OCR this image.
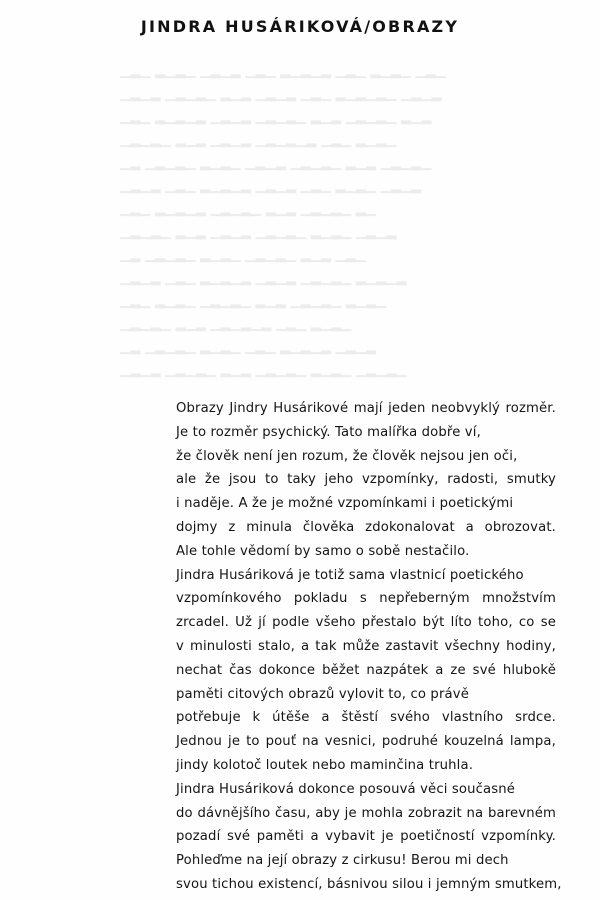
▁▂▁ ▂▁▂▁ ▁▂▁▂ ▁▂▁ ▂▁▂▁▂ ▁▂▁ ▂▁▂▁ ▁▂▁
▁▂▁▂ ▁▂▁▂▁ ▂▁▂ ▁▂▁▂ ▁▂▁ ▂▁▂▁▂▁ ▁▂▁▂
▁▂▁ ▂▁▂▁▂ ▁▂▁▂ ▁▂▁▂▁ ▂▁▂ ▁▂▁▂▁ ▂▁▂
▁▂▁▂▁ ▂▁▂ ▁▂▁▂ ▁▂▁▂▁▂ ▁▂▁ ▂▁▂▁
▁▂ ▁▂▁▂▁ ▂▁▂▁ ▁▂▁▂ ▁▂▁▂▁ ▂▁▂ ▁▂▁▂▁
▁▂▁▂ ▁▂▁ ▂▁▂▁▂ ▁▂▁▂ ▁▂▁ ▂▁▂▁ ▁▂▁▂
▁▂▁ ▂▁▂▁▂ ▁▂▁▂▁ ▂▁▂ ▁▂▁▂▁ ▂▁
▁▂▁▂▁ ▂▁▂ ▁▂▁▂ ▁▂▁▂▁ ▂▁▂▁ ▁▂▁▂
▁▂ ▁▂▁▂▁ ▂▁▂▁ ▁▂▁▂▁ ▂▁▂ ▁▂▁
▁▂▁▂ ▁▂▁ ▂▁▂▁▂ ▁▂▁▂ ▁▂▁▂▁ ▂▁▂▁▂
▁▂▁ ▂▁▂▁ ▁▂▁▂▁ ▂▁▂ ▁▂▁▂▁ ▂▁▂▁
▁▂▁▂▁ ▂▁▂ ▁▂▁▂▁▂ ▁▂▁ ▂▁▂▁
▁▂ ▁▂▁▂▁ ▂▁▂▁ ▁▂▁ ▂▁▂▁▂ ▁▂▁▂
▁▂▁▂ ▁▂▁▂▁ ▂▁▂ ▁▂▁▂▁ ▂▁▂▁ ▁▂▁▂▁
JINDRA HUSÁRIKOVÁ/OBRAZY
Obrazy Jindry Husárikové mají jeden neobvyklý rozměr.
Je to rozměr psychický. Tato malířka dobře ví,
že člověk není jen rozum, že člověk nejsou jen oči,
ale že jsou to taky jeho vzpomínky, radosti, smutky
i naděje. A že je možné vzpomínkami i poetickými
dojmy z minula člověka zdokonalovat a obrozovat.
Ale tohle vědomí by samo o sobě nestačilo.
Jindra Husáriková je totiž sama vlastnicí poetického
vzpomínkového pokladu s nepřeberným množstvím
zrcadel. Už jí podle všeho přestalo být líto toho, co se
v minulosti stalo, a tak může zastavit všechny hodiny,
nechat čas dokonce běžet nazpátek a ze své hlubokě
paměti citových obrazů vylovit to, co právě
potřebuje k útěše a štěstí svého vlastního srdce.
Jednou je to pouť na vesnici, podruhé kouzelná lampa,
jindy kolotoč loutek nebo maminčina truhla.
Jindra Husáriková dokonce posouvá věci současné
do dávnějšího času, aby je mohla zobrazit na barevném
pozadí své paměti a vybavit je poetičností vzpomínky.
Pohleďme na její obrazy z cirkusu! Berou mi dech
svou tichou existencí, básnivou silou i jemným smutkem,
